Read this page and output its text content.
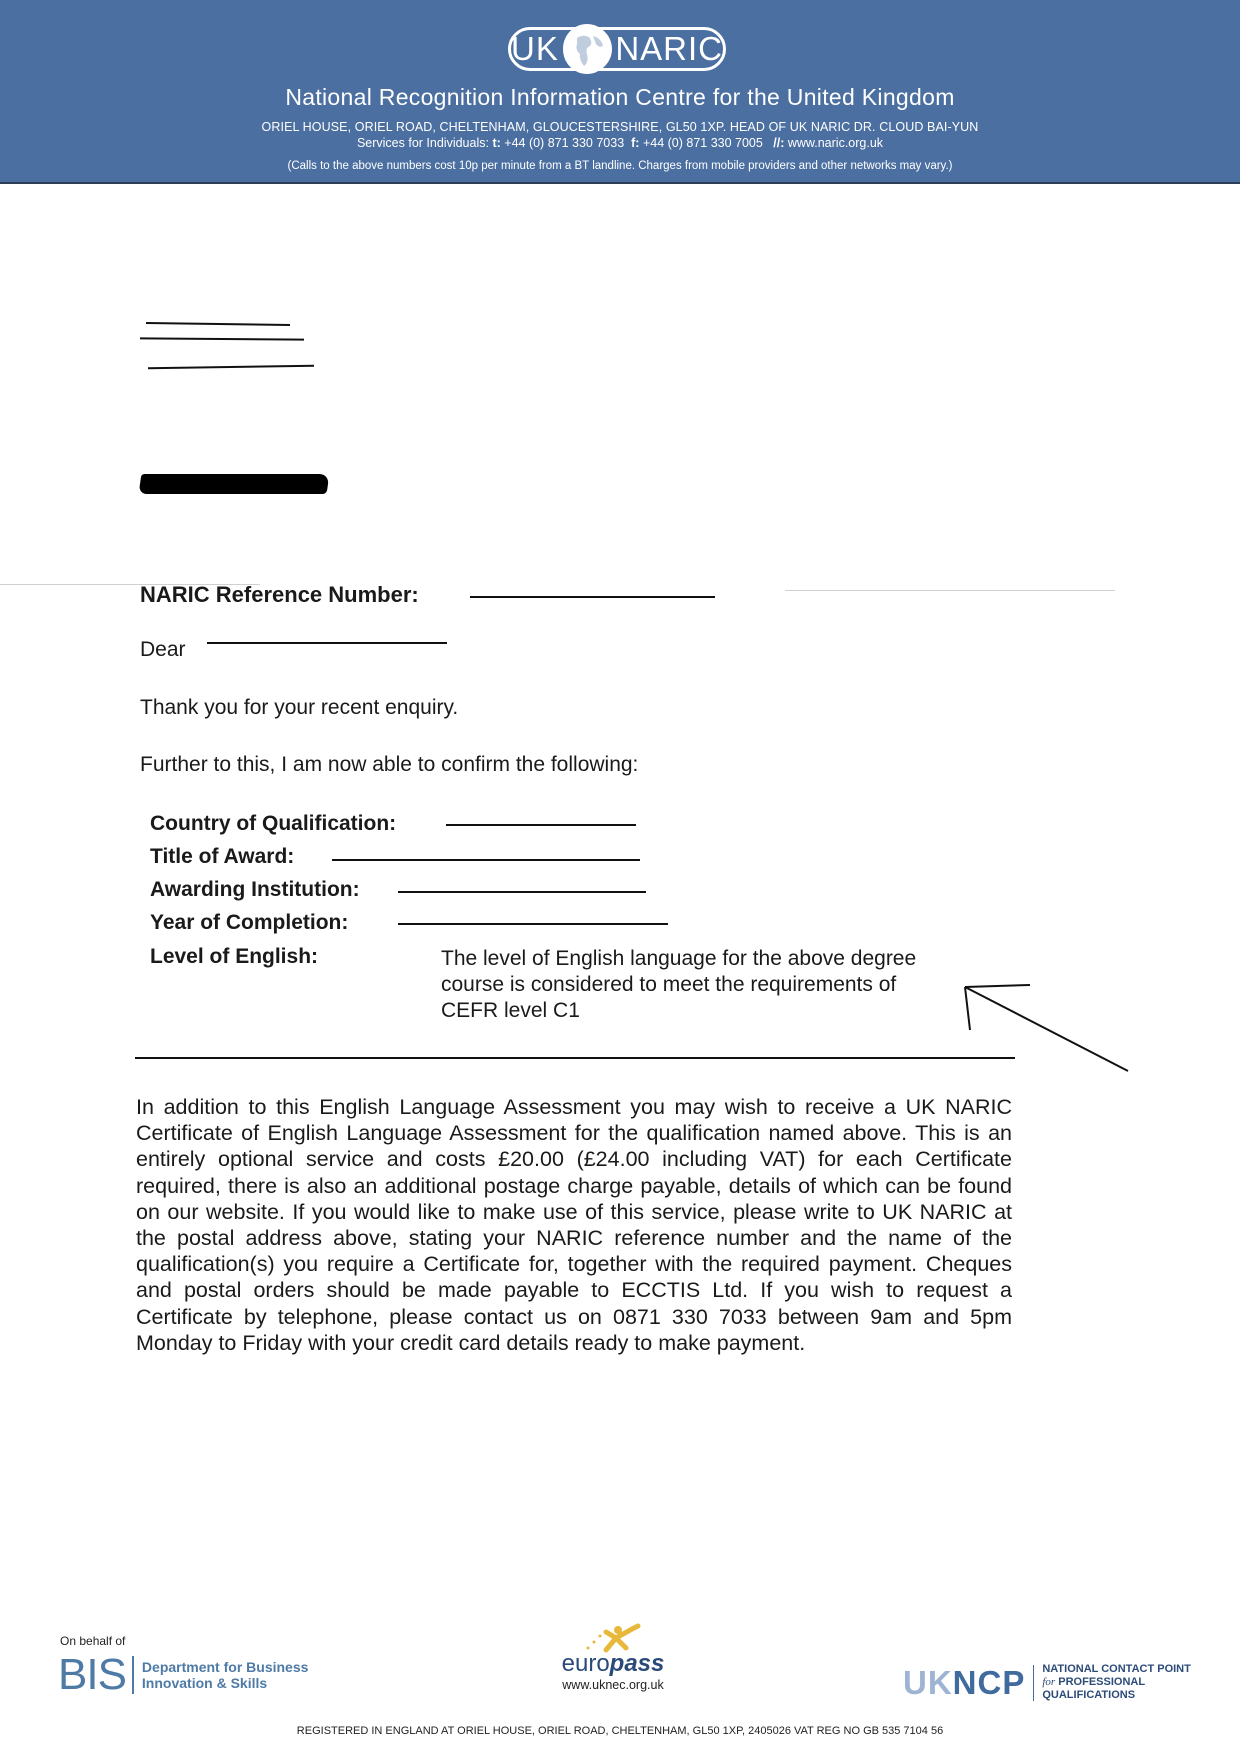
UK NARIC
National Recognition Information Centre for the United Kingdom
ORIEL HOUSE, ORIEL ROAD, CHELTENHAM, GLOUCESTERSHIRE, GL50 1XP. HEAD OF UK NARIC DR. CLOUD BAI-YUN
Services for Individuals: t: +44 (0) 871 330 7033 f: +44 (0) 871 330 7005 //: www.naric.org.uk
(Calls to the above numbers cost 10p per minute from a BT landline. Charges from mobile providers and other networks may vary.)
NARIC Reference Number:
Dear
Thank you for your recent enquiry.
Further to this, I am now able to confirm the following:
Country of Qualification:
Title of Award:
Awarding Institution:
Year of Completion:
Level of English:	The level of English language for the above degree
course is considered to meet the requirements of
CEFR level C1
In addition to this English Language Assessment you may wish to receive a UK NARIC Certificate of English Language Assessment for the qualification named above. This is an entirely optional service and costs £20.00 (£24.00 including VAT) for each Certificate required, there is also an additional postage charge payable, details of which can be found on our website. If you would like to make use of this service, please write to UK NARIC at the postal address above, stating your NARIC reference number and the name of the qualification(s) you require a Certificate for, together with the required payment. Cheques and postal orders should be made payable to ECCTIS Ltd. If you wish to request a Certificate by telephone, please contact us on 0871 330 7033 between 9am and 5pm Monday to Friday with your credit card details ready to make payment.
On behalf of
BIS Department for Business
Innovation & Skills
europass
www.uknec.org.uk	UK NCP NATIONAL CONTACT POINT
for PROFESSIONAL QUALIFICATIONS
REGISTERED IN ENGLAND AT ORIEL HOUSE, ORIEL ROAD, CHELTENHAM, GL50 1XP, 2405026 VAT REG NO GB 535 7104 56
